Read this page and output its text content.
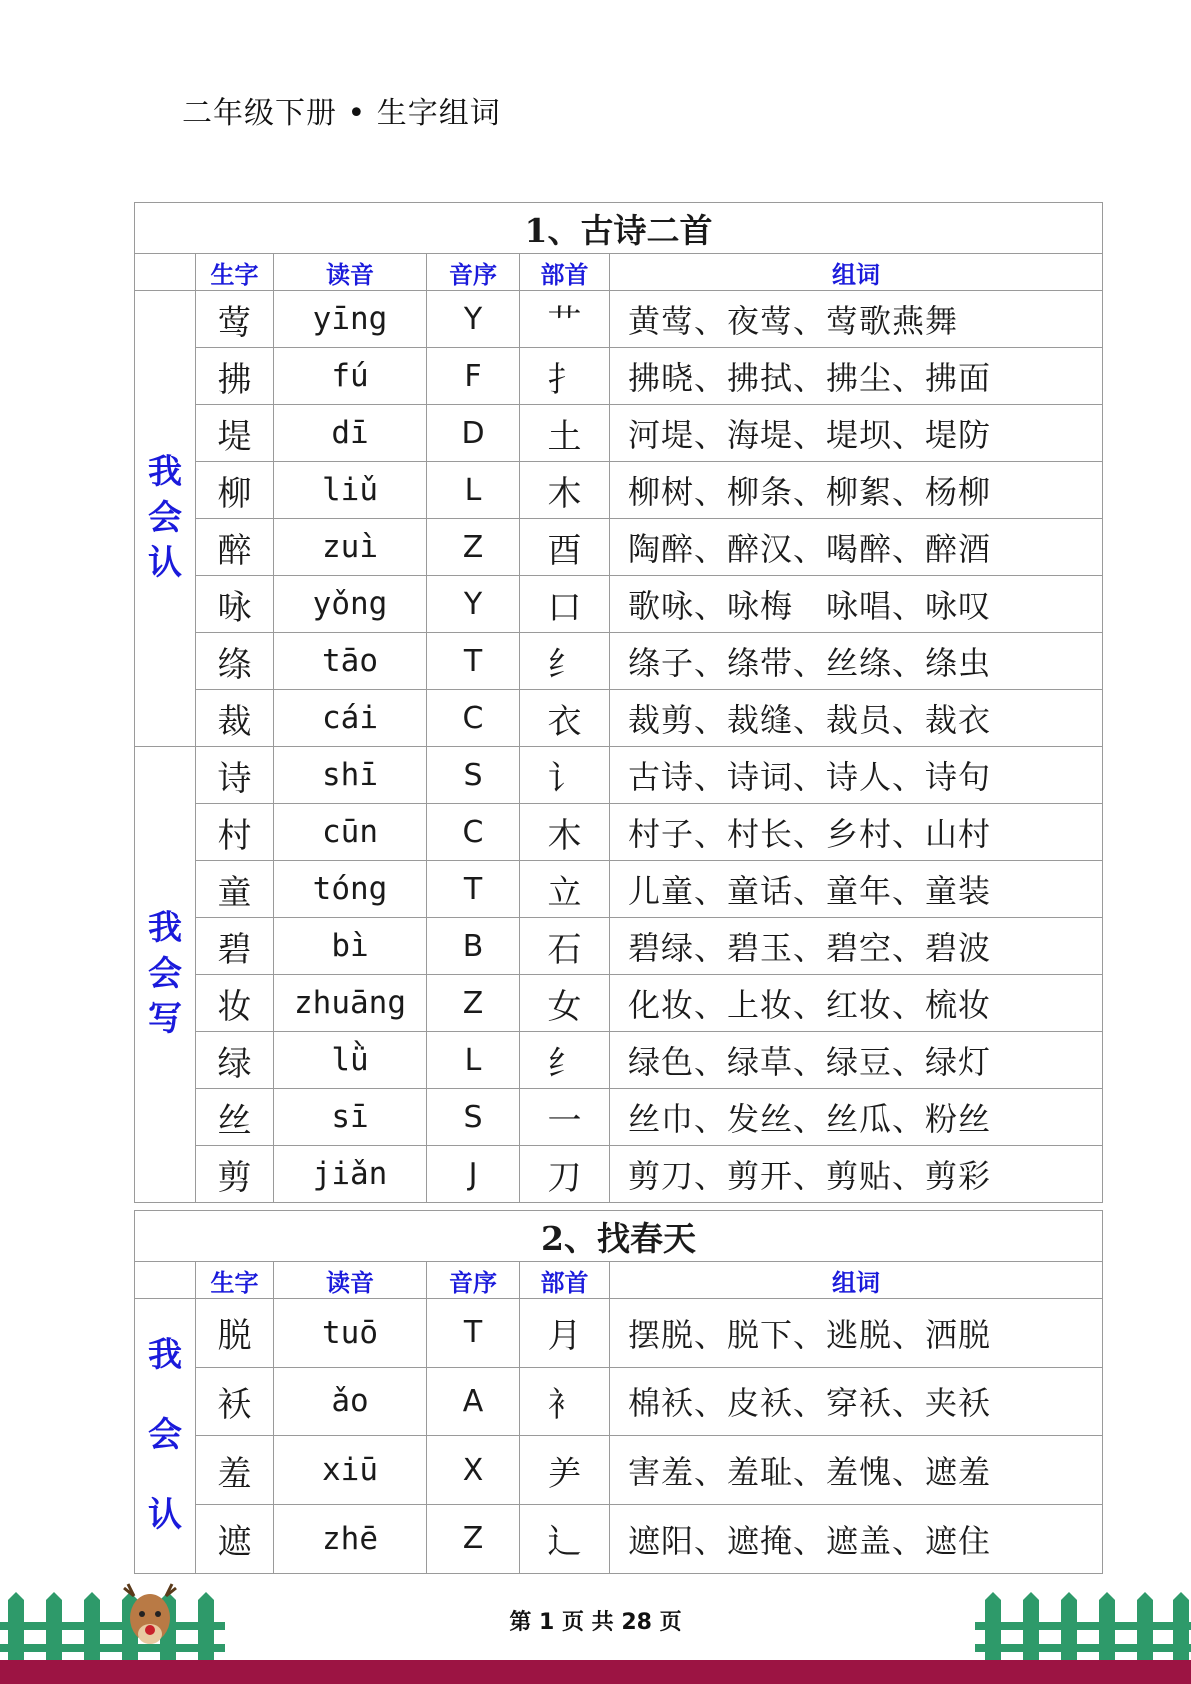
二年级下册 • 生字组词
1、古诗二首					
	生字	读音	音序	部首	组词

我
会
认	莺	yīng	Y	艹	黄莺、夜莺、莺歌燕舞
	拂	fú	F	扌	拂晓、拂拭、拂尘、拂面
	堤	dī	D	土	河堤、海堤、堤坝、堤防
	柳	liǔ	L	木	柳树、柳条、柳絮、杨柳
	醉	zuì	Z	酉	陶醉、醉汉、喝醉、醉酒
	咏	yǒng	Y	口	歌咏、咏梅　咏唱、咏叹
	绦	tāo	T	纟	绦子、绦带、丝绦、绦虫
	裁	cái	C	衣	裁剪、裁缝、裁员、裁衣

我
会
写	诗	shī	S	讠	古诗、诗词、诗人、诗句
	村	cūn	C	木	村子、村长、乡村、山村
	童	tóng	T	立	儿童、童话、童年、童装
	碧	bì	B	石	碧绿、碧玉、碧空、碧波
	妆	zhuāng	Z	女	化妆、上妆、红妆、梳妆
	绿	lǜ	L	纟	绿色、绿草、绿豆、绿灯
	丝	sī	S	一	丝巾、发丝、丝瓜、粉丝
	剪	jiǎn	J	刀	剪刀、剪开、剪贴、剪彩
2、找春天					
	生字	读音	音序	部首	组词

我
会
认	脱	tuō	T	月	摆脱、脱下、逃脱、洒脱
	袄	ǎo	A	衤	棉袄、皮袄、穿袄、夹袄
	羞	xiū	X	⺶	害羞、羞耻、羞愧、遮羞
	遮	zhē	Z	辶	遮阳、遮掩、遮盖、遮住
第 1 页 共 28 页
